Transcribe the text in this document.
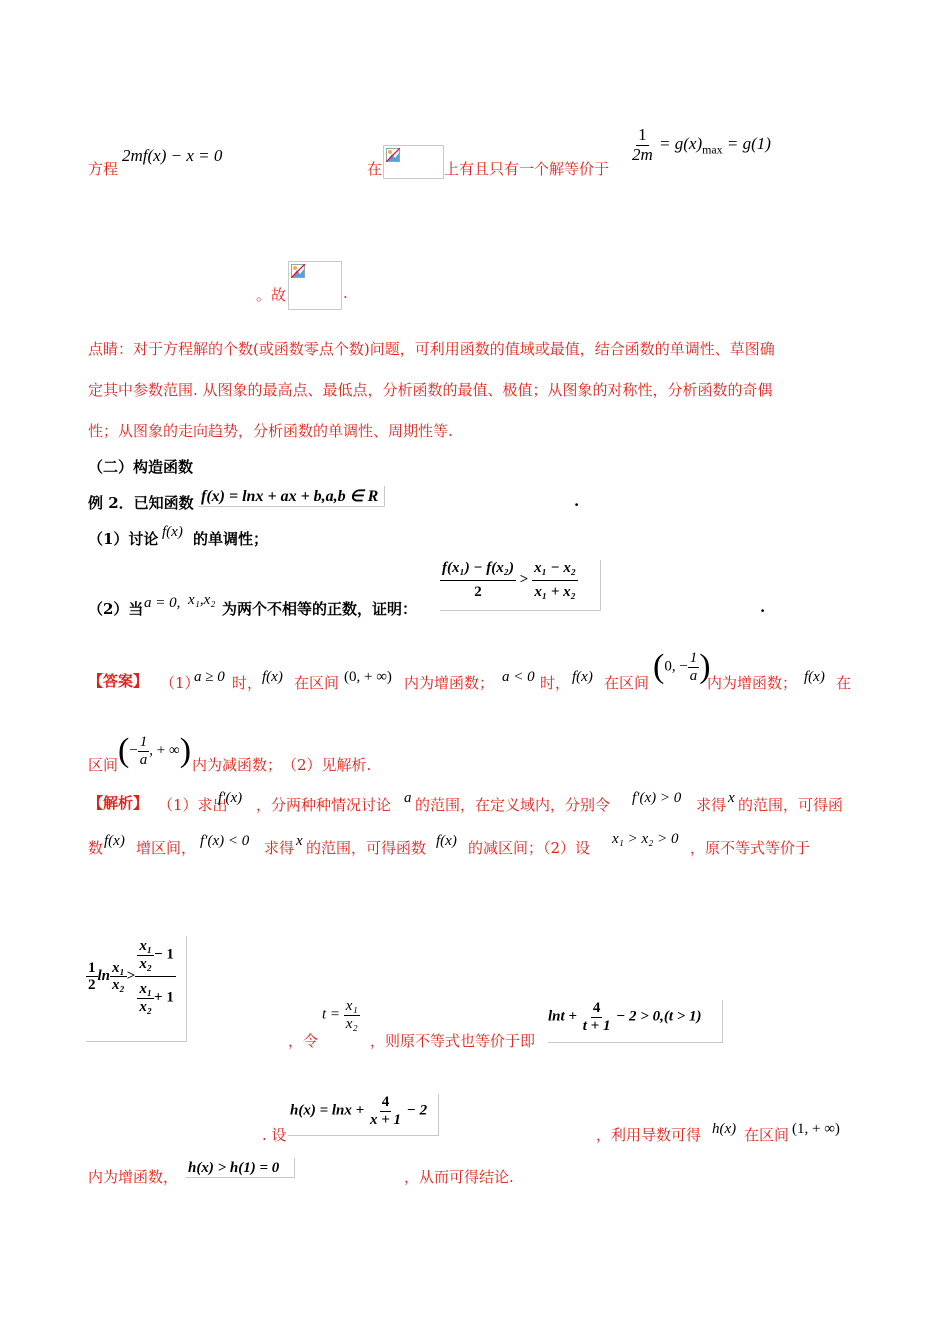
方程
2mf(x) − x = 0
在	上有且只有一个解等价于
$\frac{1}{2m} = g(x)_{max} = g(1)$
。故	.
点睛：对于方程解的个数(或函数零点个数)问题，可利用函数的值域或最值，结合函数的单调性、草图确
定其中参数范围. 从图象的最高点、最低点，分析函数的最值、极值；从图象的对称性，分析函数的奇偶
性；从图象的走向趋势，分析函数的单调性、周期性等.
（二）构造函数
例 2．已知函数 f(x) = lnx + ax + b,a,b ∈ R	.
（1）讨论 f(x) 的单调性；
（2）当 a = 0, x₁,x₂ 为两个不相等的正数，证明：
$\frac{\text{f(x₁) − f(x₂)}}{2} > \frac{\text{x₁ − x₂}}{\text{x₁ + x₂}}$
.
【答案】 （1）
a ≥ 0 时， f(x) 在区间 (0, + ∞) 内为增函数； a < 0 时， f(x) 在区间 (0, − $\frac{1}{a}$ )
内为增函数； f(x) 在
区间 (− $\frac{1}{a}$ , + ∞) 内为减函数；　（2）见解析.
【解析】 （1）求出
f′(x) ，分两种种情况讨论 a 的范围，在定义域内，分别令 f′(x) > 0 求得 x 的范围，可得函
数 f(x) 增区间， f′(x) < 0 求得 x 的范围，可得函数 f(x) 的减区间；（2）设 x₁ > x₂ > 0 ，原不等式等价于
$\frac{1}{2}$ $\ln \frac{\text{x₁}}{\text{x₂}} > \frac{\frac{\text{x₁}}{\text{x₂}} - 1}{\frac{\text{x₁}}{\text{x₂}} + 1}$
，令
$t = \frac{\text{x₁}}{\text{x₂}}$
，则原不等式也等价于即
$\ln t + \frac{4}{t + 1} - 2 > 0,(t > 1)$
. 设
$h(x) = \ln x + \frac{4}{x + 1} - 2$
，利用导数可得 h(x) 在区间 (1, + ∞)
内为增函数， h(x) > h(1) = 0	，从而可得结论.
